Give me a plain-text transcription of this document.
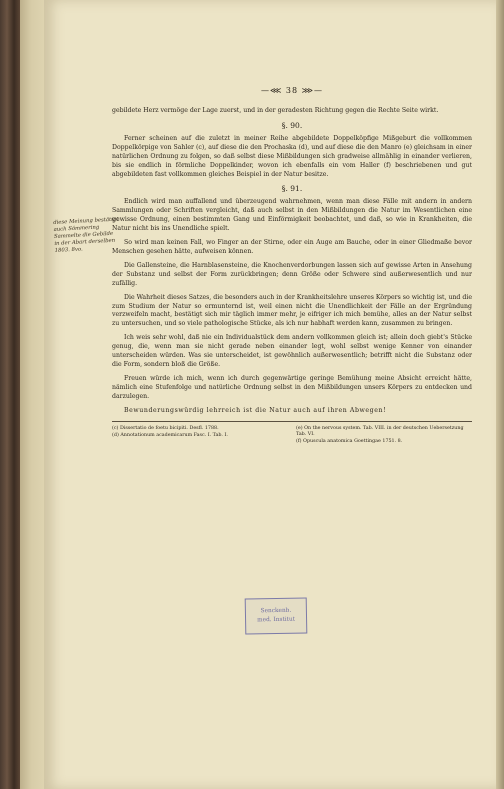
—⋘ 38 ⋙—

gebildete Herz vermöge der Lage zuerst, und in der geradesten Richtung gegen die Rechte Seite wirkt.

§. 90.

Ferner scheinen auf die zuletzt in meiner Reihe abgebildete Doppelköpfige Mißgeburt die vollkommen Doppelkörpige von Sahler (c), auf diese die den Prochaska (d), und auf diese die den Manro (e) gleichsam in einer natürlichen Ordnung zu folgen, so daß selbst diese Mißbildungen sich gradweise allmählig in einander verlieren, bis sie endlich in förmliche Doppelkinder, wovon ich ebenfalls ein vom Haller (f) beschriebenen und gut abgebildeten fast vollkommen gleiches Beispiel in der Natur besitze.

§. 91.

Endlich wird man auffallend und überzeugend wahrnehmen, wenn man diese Fälle mit andern in andern Sammlungen oder Schriften vergleicht, daß auch selbst in den Mißbildungen die Natur im Wesentlichen eine gewisse Ordnung, einen bestimmten Gang und Einförmigkeit beobachtet, und daß, so wie in Krankheiten, die Natur nicht bis ins Unendliche spielt.

So wird man keinen Fall, wo Finger an der Stirne, oder ein Auge am Bauche, oder in einer Gliedmaße bevor Menschen gesehen hätte, aufweisen können.

Die Gallensteine, die Harnblasensteine, die Knochenverdorbungen lassen sich auf gewisse Arten in Ansehung der Substanz und selbst der Form zurückbringen; denn Größe oder Schwere sind außerwesentlich und nur zufällig.

Die Wahrheit dieses Satzes, die besonders auch in der Krankheitslehre unseres Körpers so wichtig ist, und die zum Studium der Natur so ermunternd ist, weil einen nicht die Unendlichkeit der Fälle an der Ergründung verzweifeln macht, bestätigt sich mir täglich immer mehr, je eifriger ich mich bemühe, alles an der Natur selbst zu untersuchen, und so viele pathologische Stücke, als ich nur habhaft werden kann, zusammen zu bringen.

Ich weis sehr wohl, daß nie ein Individualstück dem andern vollkommen gleich ist; allein doch giebt's Stücke genug, die, wenn man sie nicht gerade neben einander legt, wohl selbst wenige Kenner von einander unterscheiden würden. Was sie unterscheidet, ist gewöhnlich außerwesentlich; betrifft nicht die Substanz oder die Form, sondern bloß die Größe.

Freuen würde ich mich, wenn ich durch gegenwärtige geringe Bemühung meine Absicht erreicht hätte, nämlich eine Stufenfolge und natürliche Ordnung selbst in den Mißbildungen unsers Körpers zu entdecken und darzulegen.

Bewunderungswürdig lehrreich ist die Natur auch auf ihren Abwegen!

(c) Dissertatio de foetu bicipiti. Desfl. 1788.
(d) Annotationum academicarum Fasc. I. Tab. I.
(e) On the nervous system. Tab. VIII. in der deutschen Uebersetzung Tab. VI.
(f) Opuscula anatomica Goettingae 1751. 8.
diese Meinung bestätigt
auch Sömmering
Sammelte die Gebilde
in der Abart derselben
1803. 8vo.
Senckenb.
med. Institut
